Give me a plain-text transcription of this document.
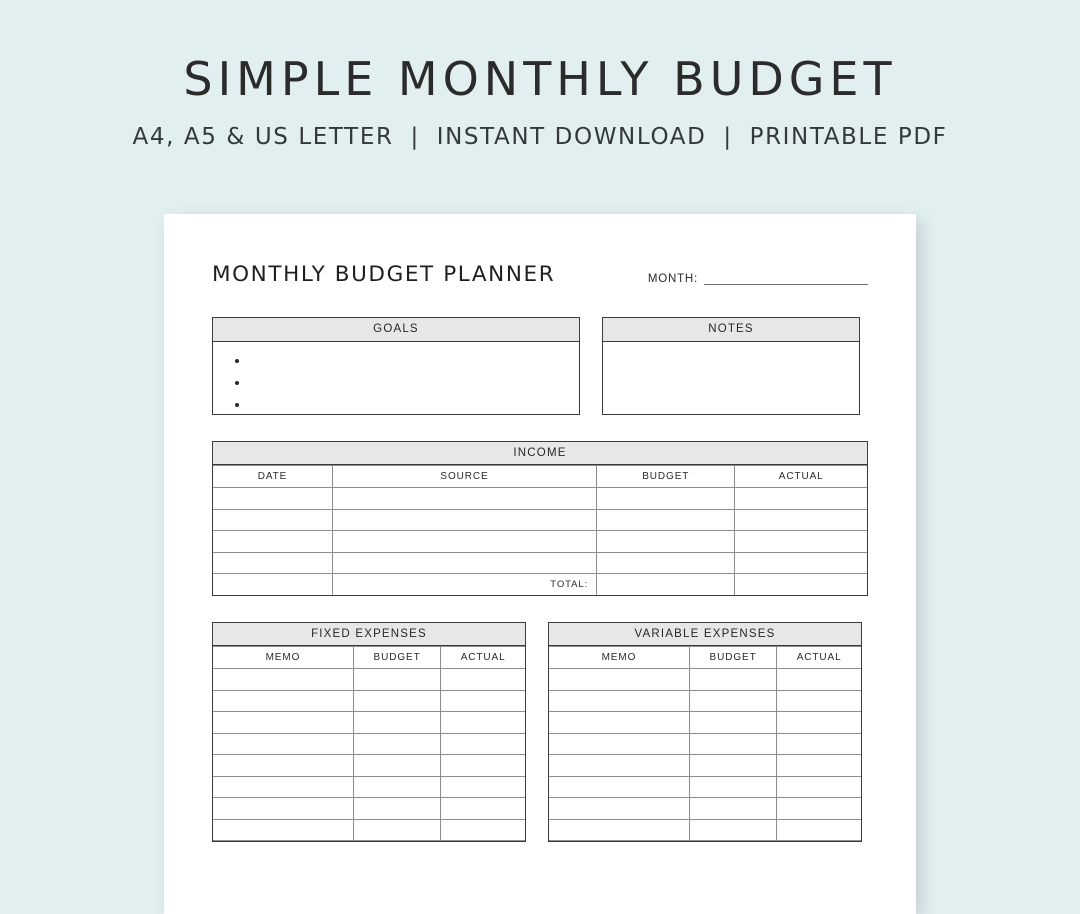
SIMPLE MONTHLY BUDGET
A4, A5 & US LETTER | INSTANT DOWNLOAD | PRINTABLE PDF
MONTHLY BUDGET PLANNER	MONTH:
GOALS	NOTES
INCOME
DATE	SOURCE	BUDGET	ACTUAL

	TOTAL:		
FIXED EXPENSES
MEMO	BUDGET	ACTUAL

VARIABLE EXPENSES
MEMO	BUDGET	ACTUAL
